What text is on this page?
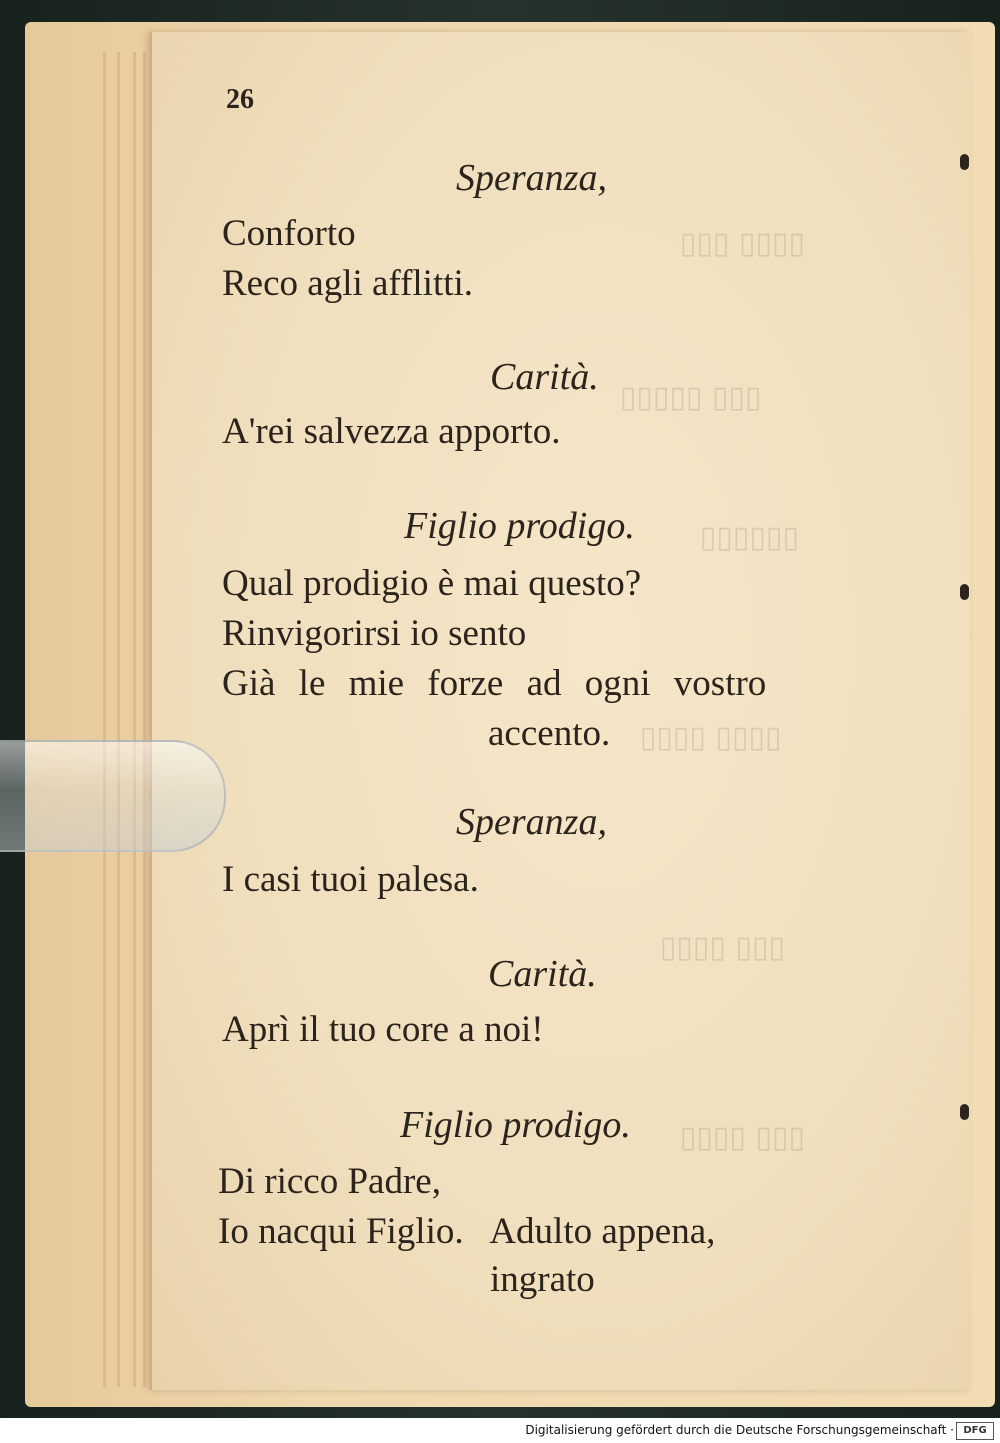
▯▯▯▯ ▯▯▯
▯▯▯ ▯▯▯▯▯
▯▯▯▯▯▯
▯▯▯▯ ▯▯▯▯
▯▯▯ ▯▯▯▯
▯▯▯ ▯▯▯▯
26
Speranza,
Conforto
Reco agli afflitti.
Carità.
A'rei salvezza apporto.
Figlio prodigo.
Qual prodigio è mai questo?
Rinvigorirsi io sento
Già le mie forze ad ogni vostro
accento.
Speranza,
I casi tuoi palesa.
Carità.
Aprì il tuo core a noi!
Figlio prodigo.
Di ricco Padre,
Io nacqui Figlio.   Adulto appena,
ingrato
Digitalisierung gefördert durch die Deutsche Forschungsgemeinschaft · DFG
